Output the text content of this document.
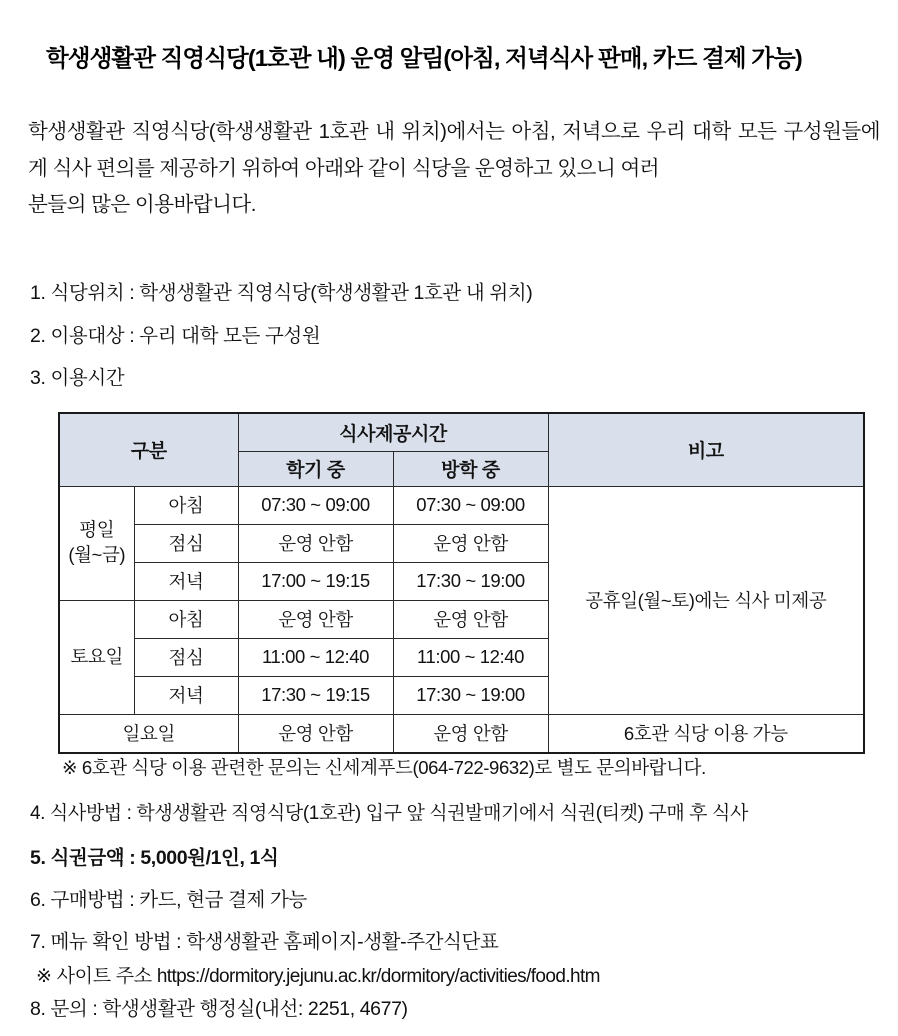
학생생활관 직영식당(1호관 내) 운영 알림(아침, 저녁식사 판매, 카드 결제 가능)

학생생활관 직영식당(학생생활관 1호관 내 위치)에서는 아침, 저녁으로 우리 대학 모든 구성원들에게 식사 편의를 제공하기 위하여 아래와 같이 식당을 운영하고 있으니 여러
분들의 많은 이용바랍니다.

1. 식당위치 : 학생생활관 직영식당(학생생활관 1호관 내 위치)
2. 이용대상 : 우리 대학 모든 구성원
3. 이용시간
구분		식사제공시간		비고
		학기 중	방학 중	
평일
(월~금)	아침	07:30 ~ 09:00	07:30 ~ 09:00	공휴일(월~토)에는 식사 미제공
	점심	운영 안함	운영 안함	
	저녁	17:00 ~ 19:15	17:30 ~ 19:00	
토요일	아침	운영 안함	운영 안함	
	점심	11:00 ~ 12:40	11:00 ~ 12:40	
	저녁	17:30 ~ 19:15	17:30 ~ 19:00	
일요일		운영 안함	운영 안함	6호관 식당 이용 가능
※ 6호관 식당 이용 관련한 문의는 신세계푸드(064-722-9632)로 별도 문의바랍니다.
4. 식사방법 : 학생생활관 직영식당(1호관) 입구 앞 식권발매기에서 식권(티켓) 구매 후 식사
5. 식권금액 : 5,000원/1인, 1식
6. 구매방법 : 카드, 현금 결제 가능
7. 메뉴 확인 방법 : 학생생활관 홈페이지-생활-주간식단표
※ 사이트 주소 https://dormitory.jejunu.ac.kr/dormitory/activities/food.htm
8. 문의 : 학생생활관 행정실(내선: 2251, 4677)
